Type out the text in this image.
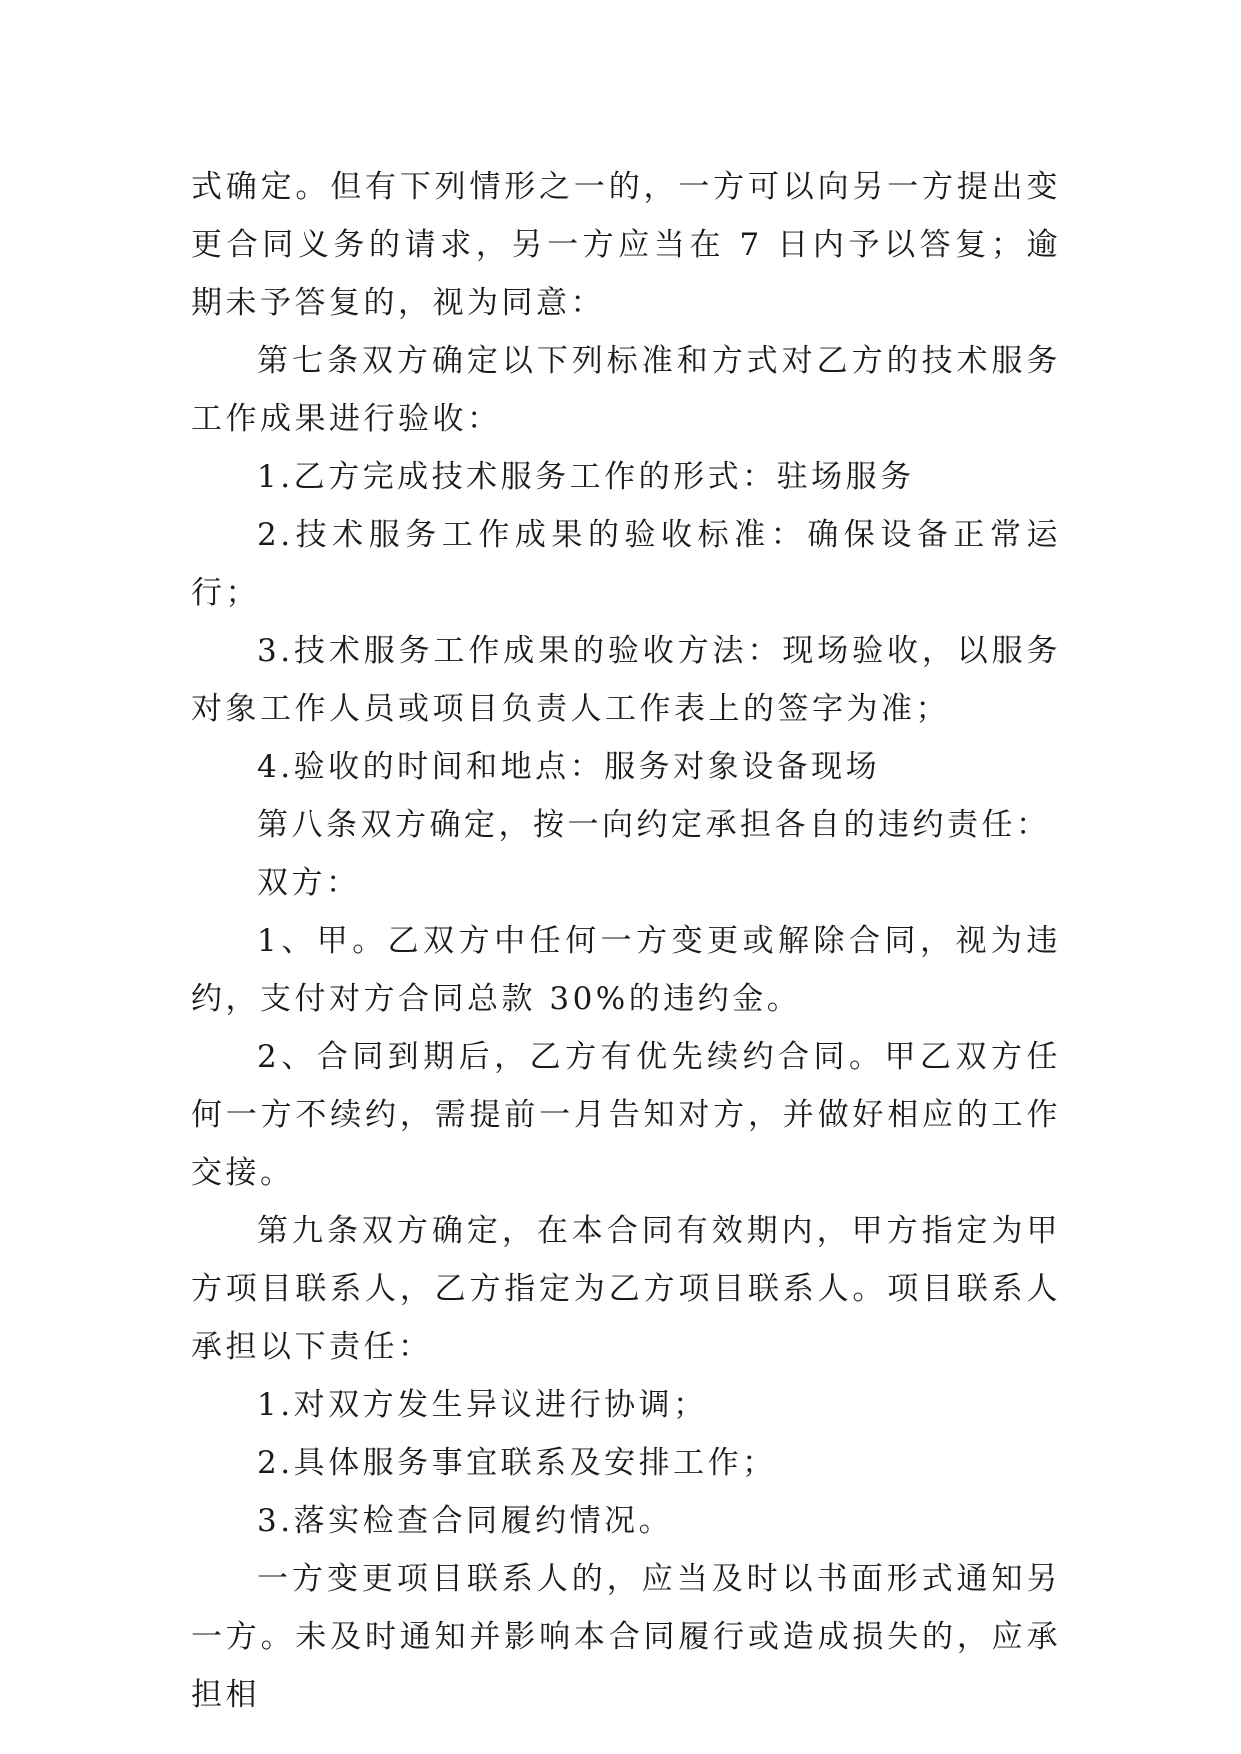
式确定。但有下列情形之一的，一方可以向另一方提出变更合同义务的请求，另一方应当在 7 日内予以答复；逾期未予答复的，视为同意：

第七条双方确定以下列标准和方式对乙方的技术服务工作成果进行验收：

1.乙方完成技术服务工作的形式：驻场服务

2.技术服务工作成果的验收标准：确保设备正常运行；

3.技术服务工作成果的验收方法：现场验收，以服务对象工作人员或项目负责人工作表上的签字为准；

4.验收的时间和地点：服务对象设备现场

第八条双方确定，按一向约定承担各自的违约责任：

双方：

1、甲。乙双方中任何一方变更或解除合同，视为违约，支付对方合同总款 30%的违约金。

2、合同到期后，乙方有优先续约合同。甲乙双方任何一方不续约，需提前一月告知对方，并做好相应的工作交接。

第九条双方确定，在本合同有效期内，甲方指定为甲方项目联系人，乙方指定为乙方项目联系人。项目联系人承担以下责任：

1.对双方发生异议进行协调；

2.具体服务事宜联系及安排工作；

3.落实检查合同履约情况。

一方变更项目联系人的，应当及时以书面形式通知另一方。未及时通知并影响本合同履行或造成损失的，应承担相
